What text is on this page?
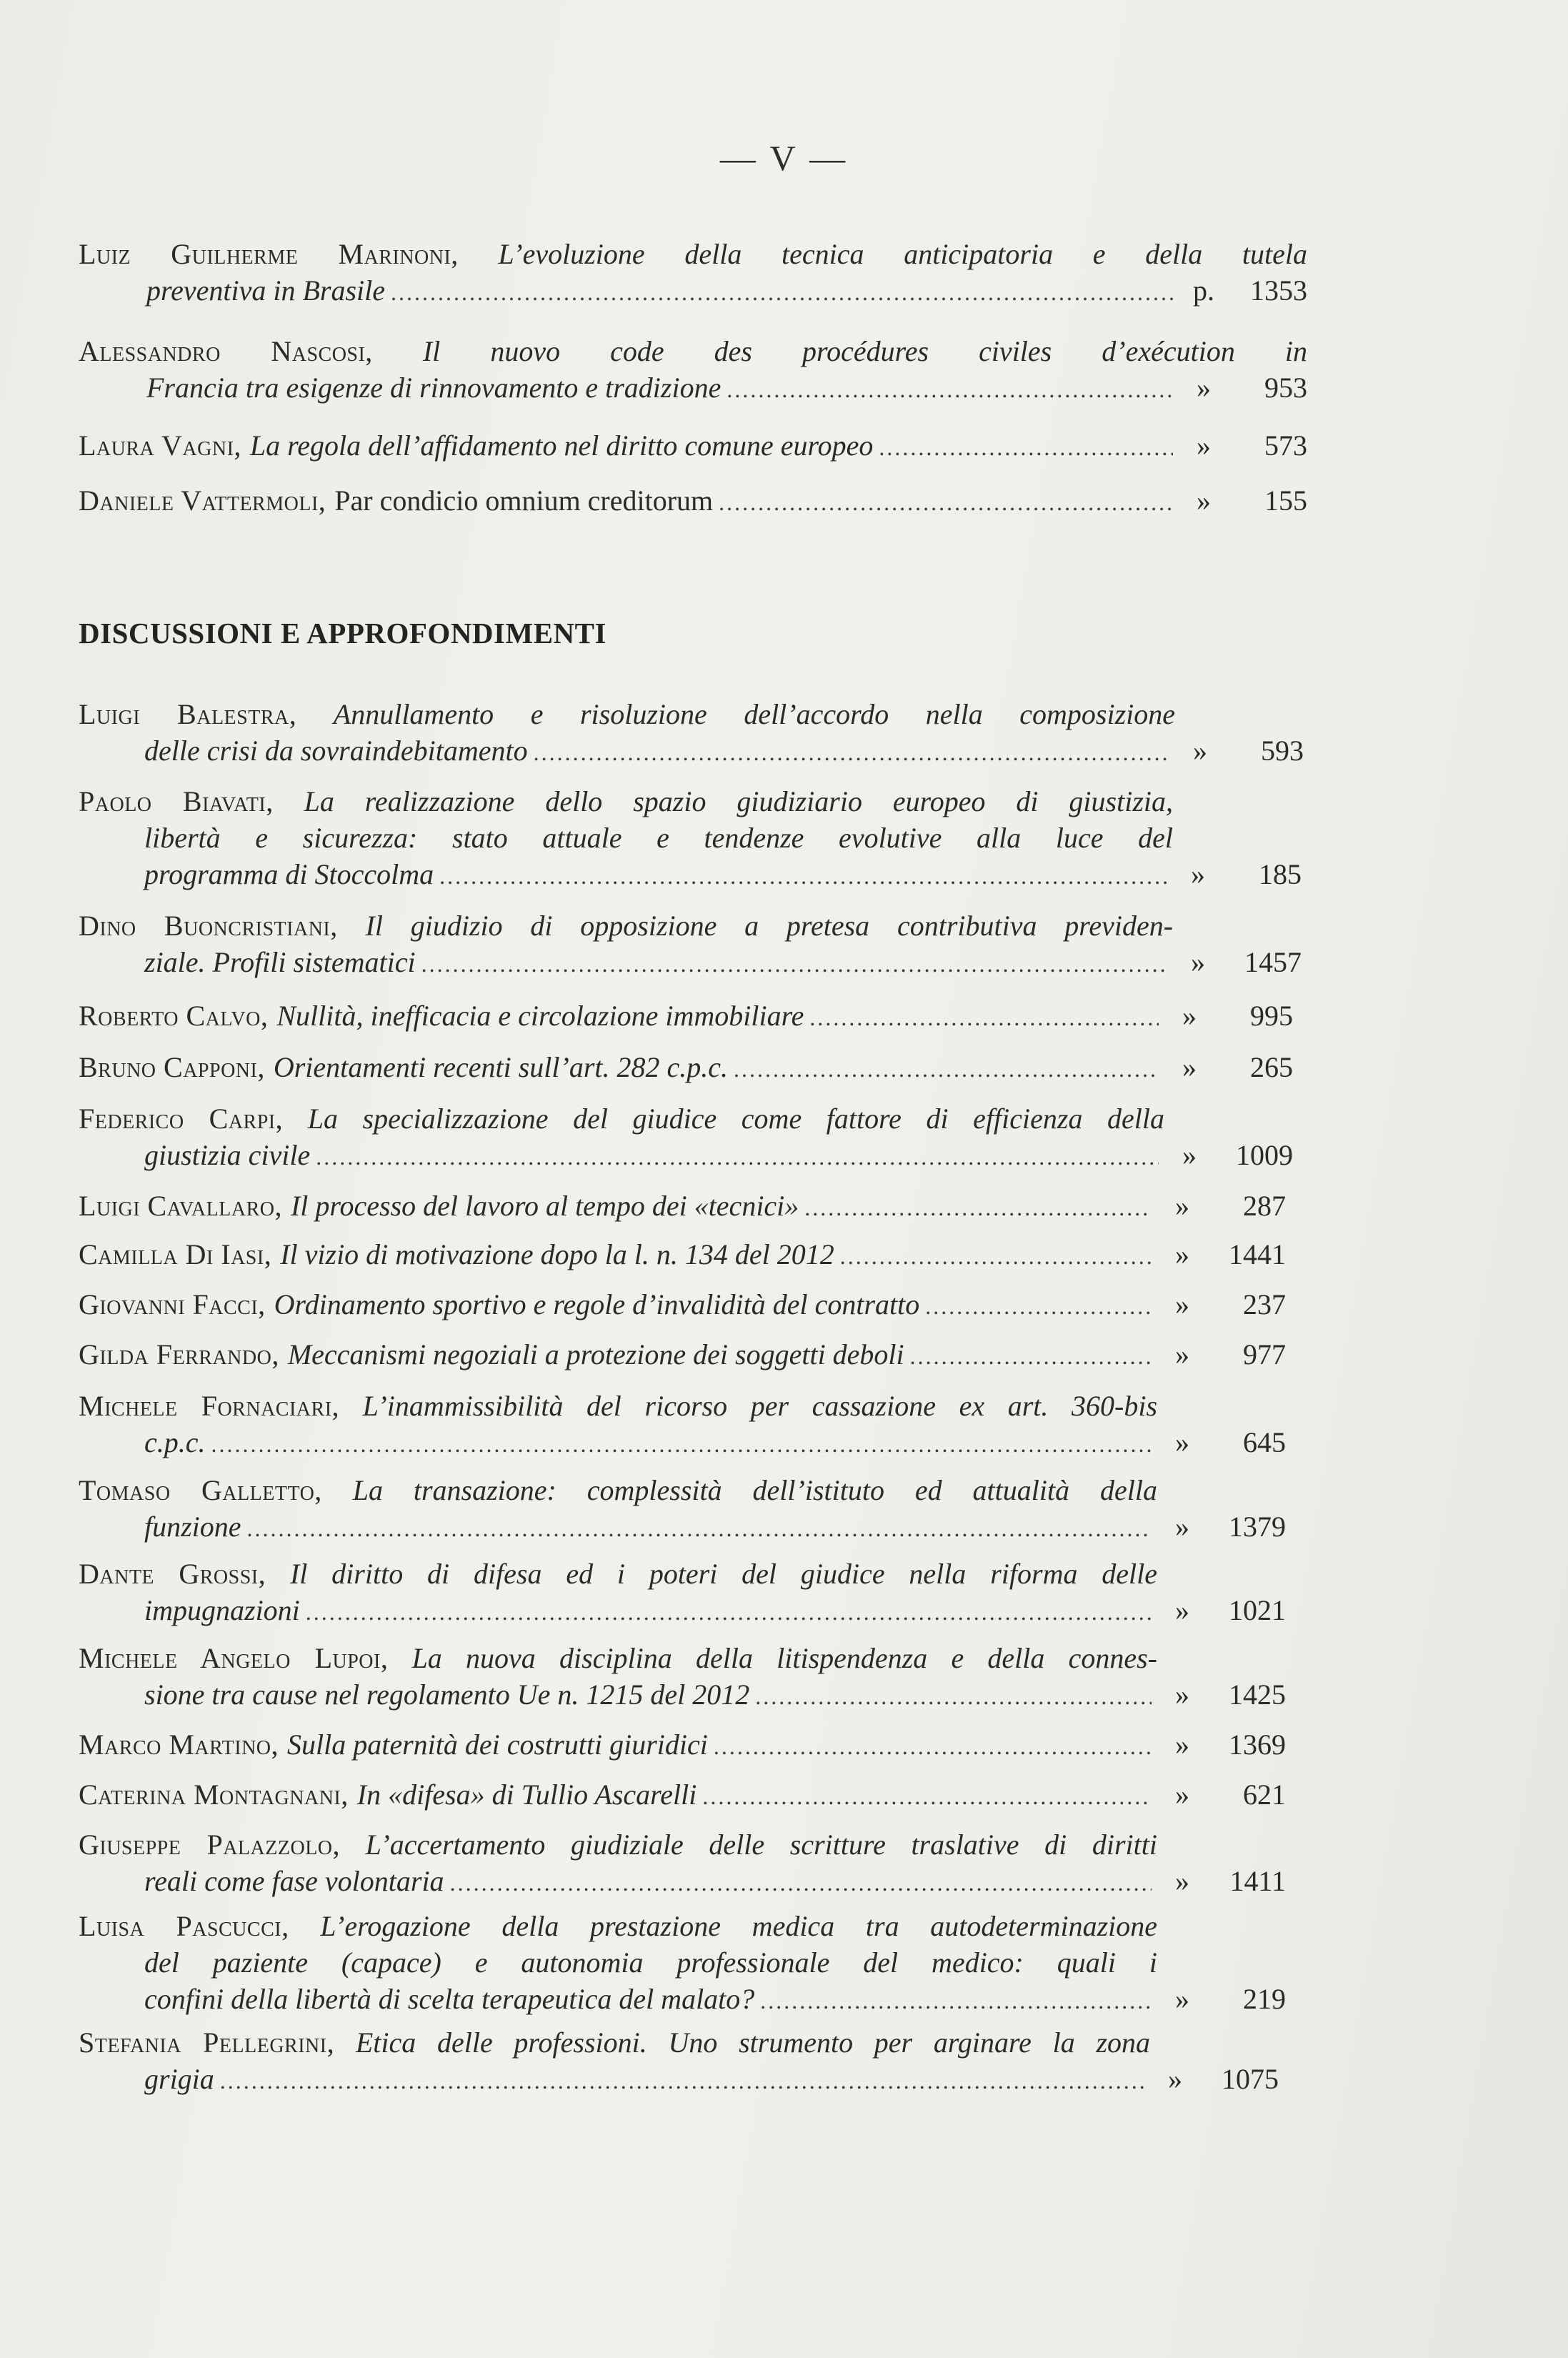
— V —
Luiz Guilherme Marinoni, L’evoluzione della tecnica anticipatoria e della tutela
preventiva in Brasile .....	p.	1353
Alessandro Nascosi, Il nuovo code des procédures civiles d’exécution in
Francia tra esigenze di rinnovamento e tradizione .....	»	953
Laura Vagni, La regola dell’affidamento nel diritto comune europeo .....	»	573
Daniele Vattermoli, Par condicio omnium creditorum .....	»	155
DISCUSSIONI E APPROFONDIMENTI
Luigi Balestra, Annullamento e risoluzione dell’accordo nella composizione
delle crisi da sovraindebitamento .....	»	593
Paolo Biavati, La realizzazione dello spazio giudiziario europeo di giustizia,
libertà e sicurezza: stato attuale e tendenze evolutive alla luce del
programma di Stoccolma .....	»	185
Dino Buoncristiani, Il giudizio di opposizione a pretesa contributiva previden-
ziale. Profili sistematici .....	»	1457
Roberto Calvo, Nullità, inefficacia e circolazione immobiliare .....	»	995
Bruno Capponi, Orientamenti recenti sull’art. 282 c.p.c. .....	»	265
Federico Carpi, La specializzazione del giudice come fattore di efficienza della
giustizia civile .....	»	1009
Luigi Cavallaro, Il processo del lavoro al tempo dei «tecnici» .....	»	287
Camilla Di Iasi, Il vizio di motivazione dopo la l. n. 134 del 2012 .....	»	1441
Giovanni Facci, Ordinamento sportivo e regole d’invalidità del contratto .....	»	237
Gilda Ferrando, Meccanismi negoziali a protezione dei soggetti deboli .....	»	977
Michele Fornaciari, L’inammissibilità del ricorso per cassazione ex art. 360-bis
c.p.c. .....	»	645
Tomaso Galletto, La transazione: complessità dell’istituto ed attualità della
funzione .....	»	1379
Dante Grossi, Il diritto di difesa ed i poteri del giudice nella riforma delle
impugnazioni .....	»	1021
Michele Angelo Lupoi, La nuova disciplina della litispendenza e della connes-
sione tra cause nel regolamento Ue n. 1215 del 2012 .....	»	1425
Marco Martino, Sulla paternità dei costrutti giuridici .....	»	1369
Caterina Montagnani, In «difesa» di Tullio Ascarelli .....	»	621
Giuseppe Palazzolo, L’accertamento giudiziale delle scritture traslative di diritti
reali come fase volontaria .....	»	1411
Luisa Pascucci, L’erogazione della prestazione medica tra autodeterminazione
del paziente (capace) e autonomia professionale del medico: quali i
confini della libertà di scelta terapeutica del malato? .....	»	219
Stefania Pellegrini, Etica delle professioni. Uno strumento per arginare la zona
grigia .....	»	1075
